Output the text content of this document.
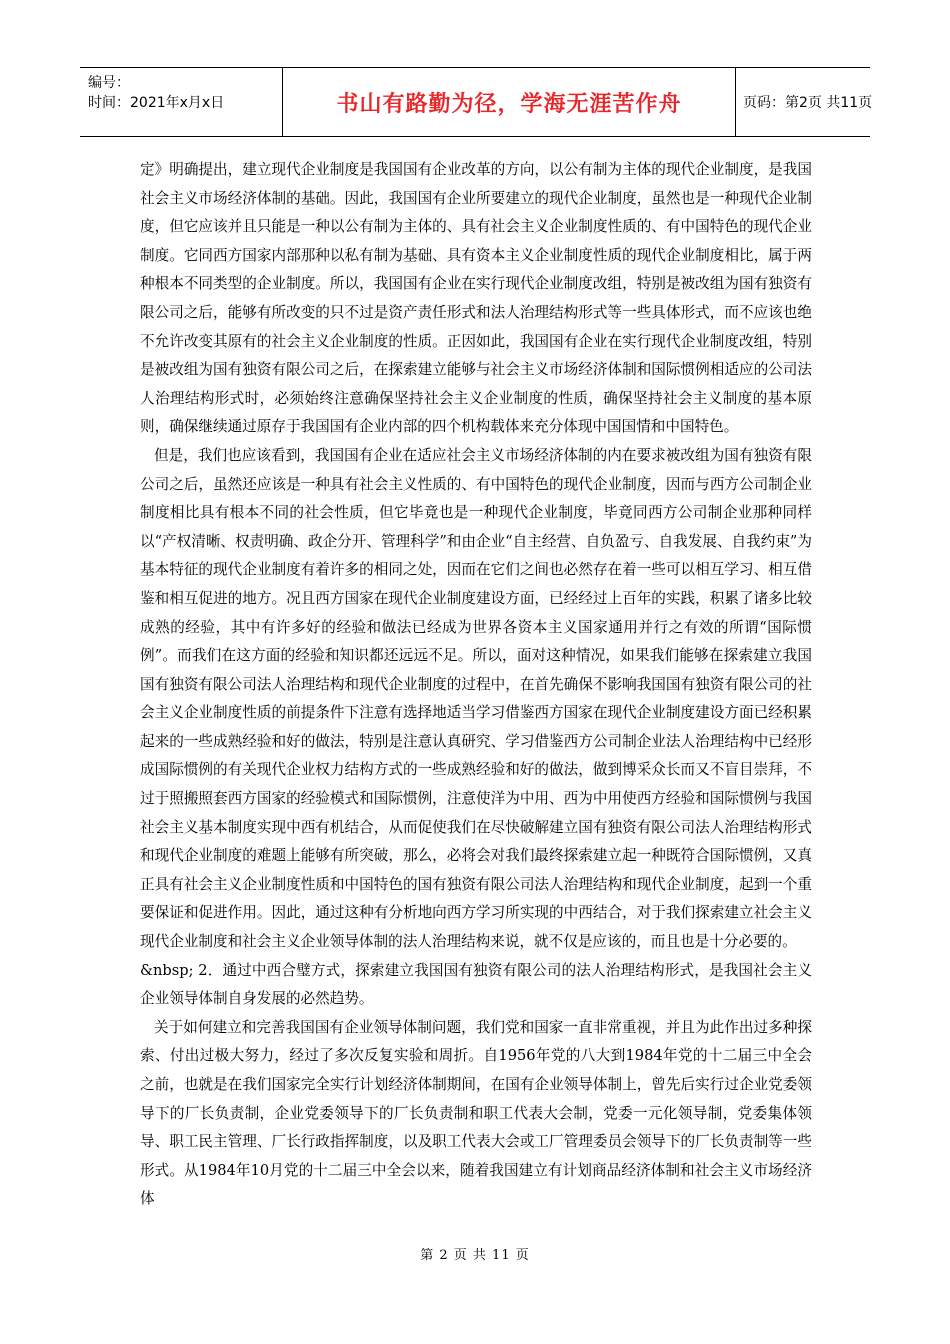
编号：
时间：2021年x月x日	书山有路勤为径，学海无涯苦作舟	页码：第2页 共11页

定》明确提出，建立现代企业制度是我国国有企业改革的方向，以公有制为主体的现代企业制度，是我国社会主义市场经济体制的基础。因此，我国国有企业所要建立的现代企业制度，虽然也是一种现代企业制度，但它应该并且只能是一种以公有制为主体的、具有社会主义企业制度性质的、有中国特色的现代企业制度。它同西方国家内部那种以私有制为基础、具有资本主义企业制度性质的现代企业制度相比，属于两种根本不同类型的企业制度。所以，我国国有企业在实行现代企业制度改组，特别是被改组为国有独资有限公司之后，能够有所改变的只不过是资产责任形式和法人治理结构形式等一些具体形式，而不应该也绝不允许改变其原有的社会主义企业制度的性质。正因如此，我国国有企业在实行现代企业制度改组，特别是被改组为国有独资有限公司之后，在探索建立能够与社会主义市场经济体制和国际惯例相适应的公司法人治理结构形式时，必须始终注意确保坚持社会主义企业制度的性质，确保坚持社会主义制度的基本原则，确保继续通过原存于我国国有企业内部的四个机构载体来充分体现中国国情和中国特色。

但是，我们也应该看到，我国国有企业在适应社会主义市场经济体制的内在要求被改组为国有独资有限公司之后，虽然还应该是一种具有社会主义性质的、有中国特色的现代企业制度，因而与西方公司制企业制度相比具有根本不同的社会性质，但它毕竟也是一种现代企业制度，毕竟同西方公司制企业那种同样以“产权清晰、权责明确、政企分开、管理科学”和由企业“自主经营、自负盈亏、自我发展、自我约束”为基本特征的现代企业制度有着许多的相同之处，因而在它们之间也必然存在着一些可以相互学习、相互借鉴和相互促进的地方。况且西方国家在现代企业制度建设方面，已经经过上百年的实践，积累了诸多比较成熟的经验，其中有许多好的经验和做法已经成为世界各资本主义国家通用并行之有效的所谓“国际惯例”。而我们在这方面的经验和知识都还远远不足。所以，面对这种情况，如果我们能够在探索建立我国国有独资有限公司法人治理结构和现代企业制度的过程中，在首先确保不影响我国国有独资有限公司的社会主义企业制度性质的前提条件下注意有选择地适当学习借鉴西方国家在现代企业制度建设方面已经积累起来的一些成熟经验和好的做法，特别是注意认真研究、学习借鉴西方公司制企业法人治理结构中已经形成国际惯例的有关现代企业权力结构方式的一些成熟经验和好的做法，做到博采众长而又不盲目崇拜，不过于照搬照套西方国家的经验模式和国际惯例，注意使洋为中用、西为中用使西方经验和国际惯例与我国社会主义基本制度实现中西有机结合，从而促使我们在尽快破解建立国有独资有限公司法人治理结构形式和现代企业制度的难题上能够有所突破，那么，必将会对我们最终探索建立起一种既符合国际惯例，又真正具有社会主义企业制度性质和中国特色的国有独资有限公司法人治理结构和现代企业制度，起到一个重要保证和促进作用。因此，通过这种有分析地向西方学习所实现的中西结合，对于我们探索建立社会主义现代企业制度和社会主义企业领导体制的法人治理结构来说，就不仅是应该的，而且也是十分必要的。

&nbsp; 2．通过中西合璧方式，探索建立我国国有独资有限公司的法人治理结构形式，是我国社会主义企业领导体制自身发展的必然趋势。

关于如何建立和完善我国国有企业领导体制问题，我们党和国家一直非常重视，并且为此作出过多种探索、付出过极大努力，经过了多次反复实验和周折。自1956年党的八大到1984年党的十二届三中全会之前，也就是在我们国家完全实行计划经济体制期间，在国有企业领导体制上，曾先后实行过企业党委领导下的厂长负责制，企业党委领导下的厂长负责制和职工代表大会制，党委一元化领导制，党委集体领导、职工民主管理、厂长行政指挥制度，以及职工代表大会或工厂管理委员会领导下的厂长负责制等一些形式。从1984年10月党的十二届三中全会以来，随着我国建立有计划商品经济体制和社会主义市场经济体

第 2 页 共 11 页
